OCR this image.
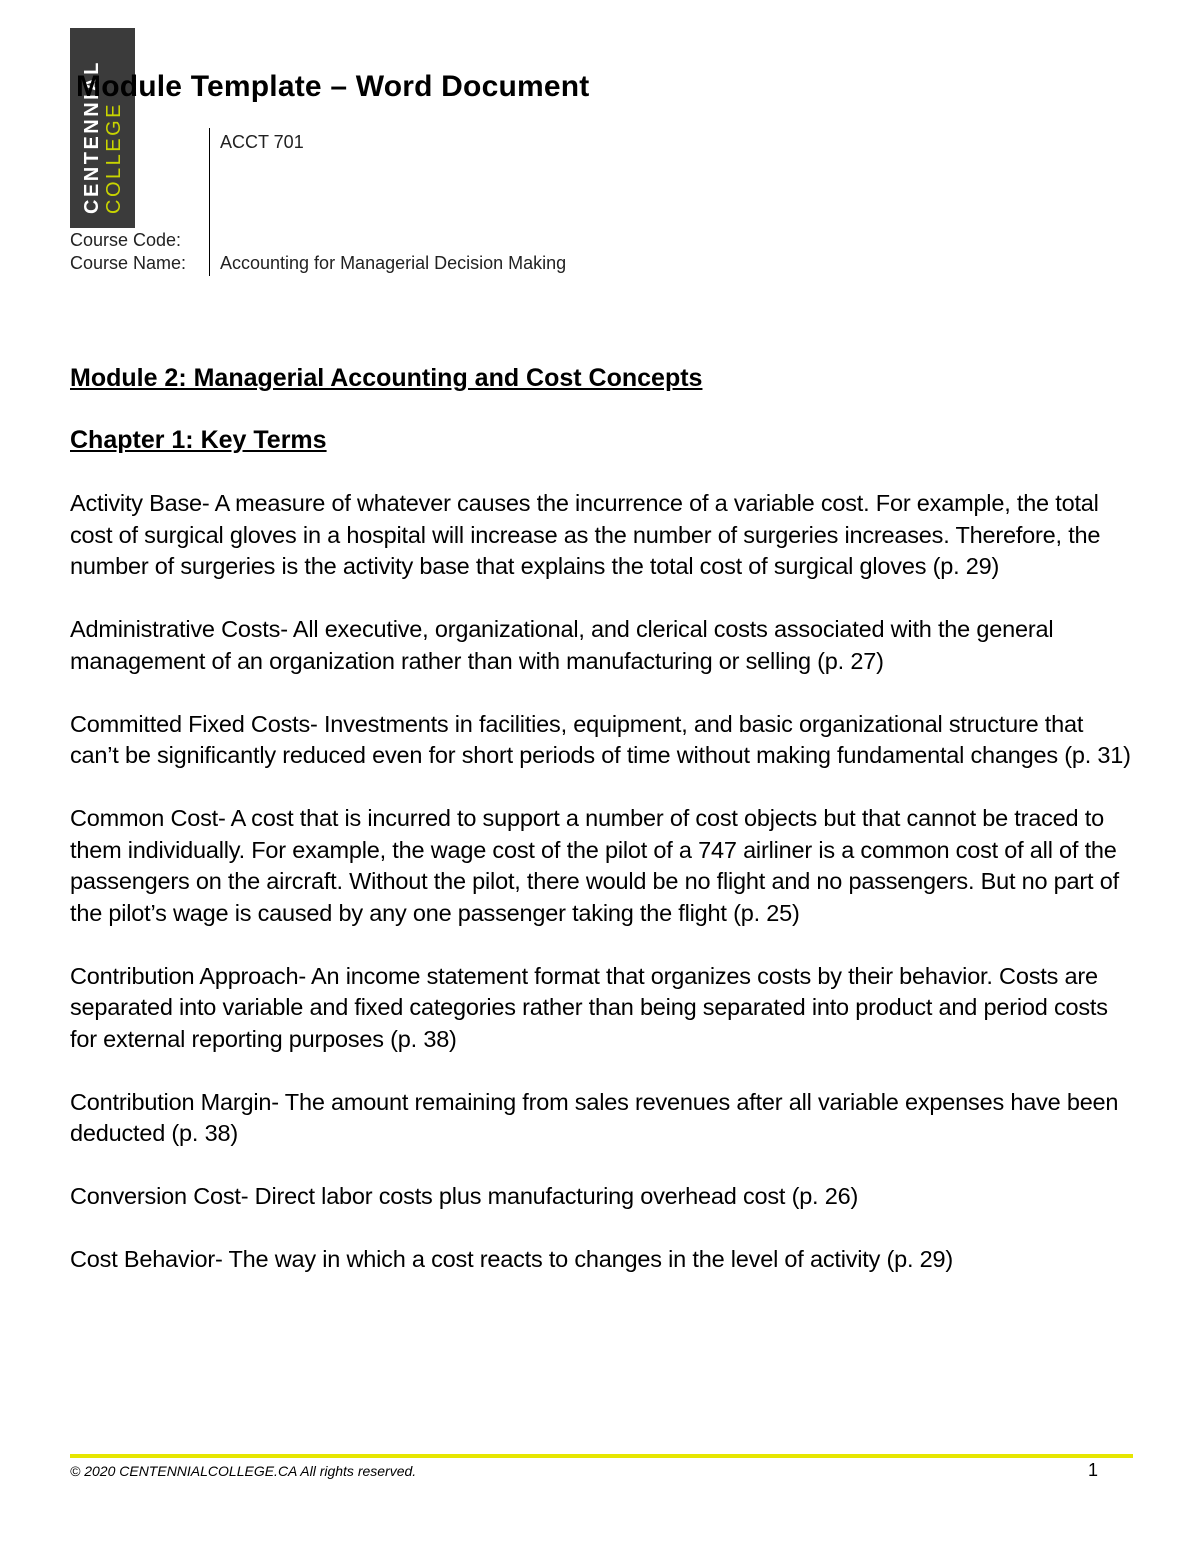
CENTENNIAL COLLEGE
Module Template – Word Document
ACCT 701
Course Code:
Course Name: Accounting for Managerial Decision Making
Module 2: Managerial Accounting and Cost Concepts
Chapter 1: Key Terms

Activity Base- A measure of whatever causes the incurrence of a variable cost. For example, the total cost of surgical gloves in a hospital will increase as the number of surgeries increases. Therefore, the number of surgeries is the activity base that explains the total cost of surgical gloves (p. 29)

Administrative Costs- All executive, organizational, and clerical costs associated with the general management of an organization rather than with manufacturing or selling (p. 27)

Committed Fixed Costs- Investments in facilities, equipment, and basic organizational structure that can’t be significantly reduced even for short periods of time without making fundamental changes (p. 31)

Common Cost- A cost that is incurred to support a number of cost objects but that cannot be traced to them individually. For example, the wage cost of the pilot of a 747 airliner is a common cost of all of the passengers on the aircraft. Without the pilot, there would be no flight and no passengers. But no part of the pilot’s wage is caused by any one passenger taking the flight (p. 25)

Contribution Approach- An income statement format that organizes costs by their behavior. Costs are separated into variable and fixed categories rather than being separated into product and period costs for external reporting purposes (p. 38)

Contribution Margin- The amount remaining from sales revenues after all variable expenses have been deducted (p. 38)

Conversion Cost- Direct labor costs plus manufacturing overhead cost (p. 26)

Cost Behavior- The way in which a cost reacts to changes in the level of activity (p. 29)

© 2020 CENTENNIALCOLLEGE.CA All rights reserved.	1
